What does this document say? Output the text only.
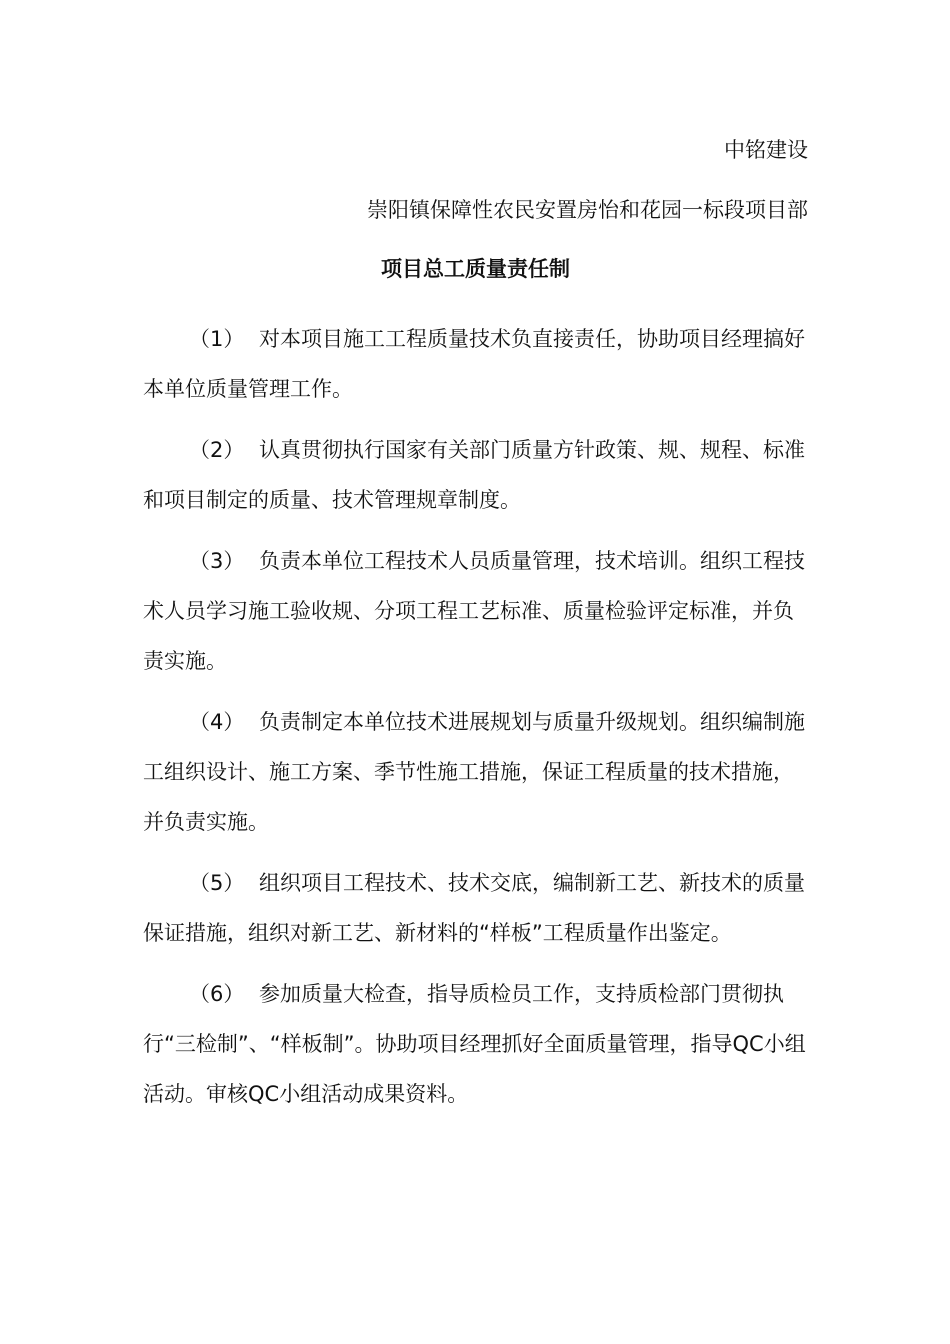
中铭建设

崇阳镇保障性农民安置房怡和花园一标段项目部

项目总工质量责任制

（1） 对本项目施工工程质量技术负直接责任，协助项目经理搞好本单位质量管理工作。

（2） 认真贯彻执行国家有关部门质量方针政策、规、规程、标准和项目制定的质量、技术管理规章制度。

（3） 负责本单位工程技术人员质量管理，技术培训。组织工程技术人员学习施工验收规、分项工程工艺标准、质量检验评定标准，并负责实施。

（4） 负责制定本单位技术进展规划与质量升级规划。组织编制施工组织设计、施工方案、季节性施工措施，保证工程质量的技术措施，并负责实施。

（5） 组织项目工程技术、技术交底，编制新工艺、新技术的质量保证措施，组织对新工艺、新材料的“样板”工程质量作出鉴定。

（6） 参加质量大检查，指导质检员工作，支持质检部门贯彻执行“三检制”、“样板制”。协助项目经理抓好全面质量管理，指导QC小组活动。审核QC小组活动成果资料。
